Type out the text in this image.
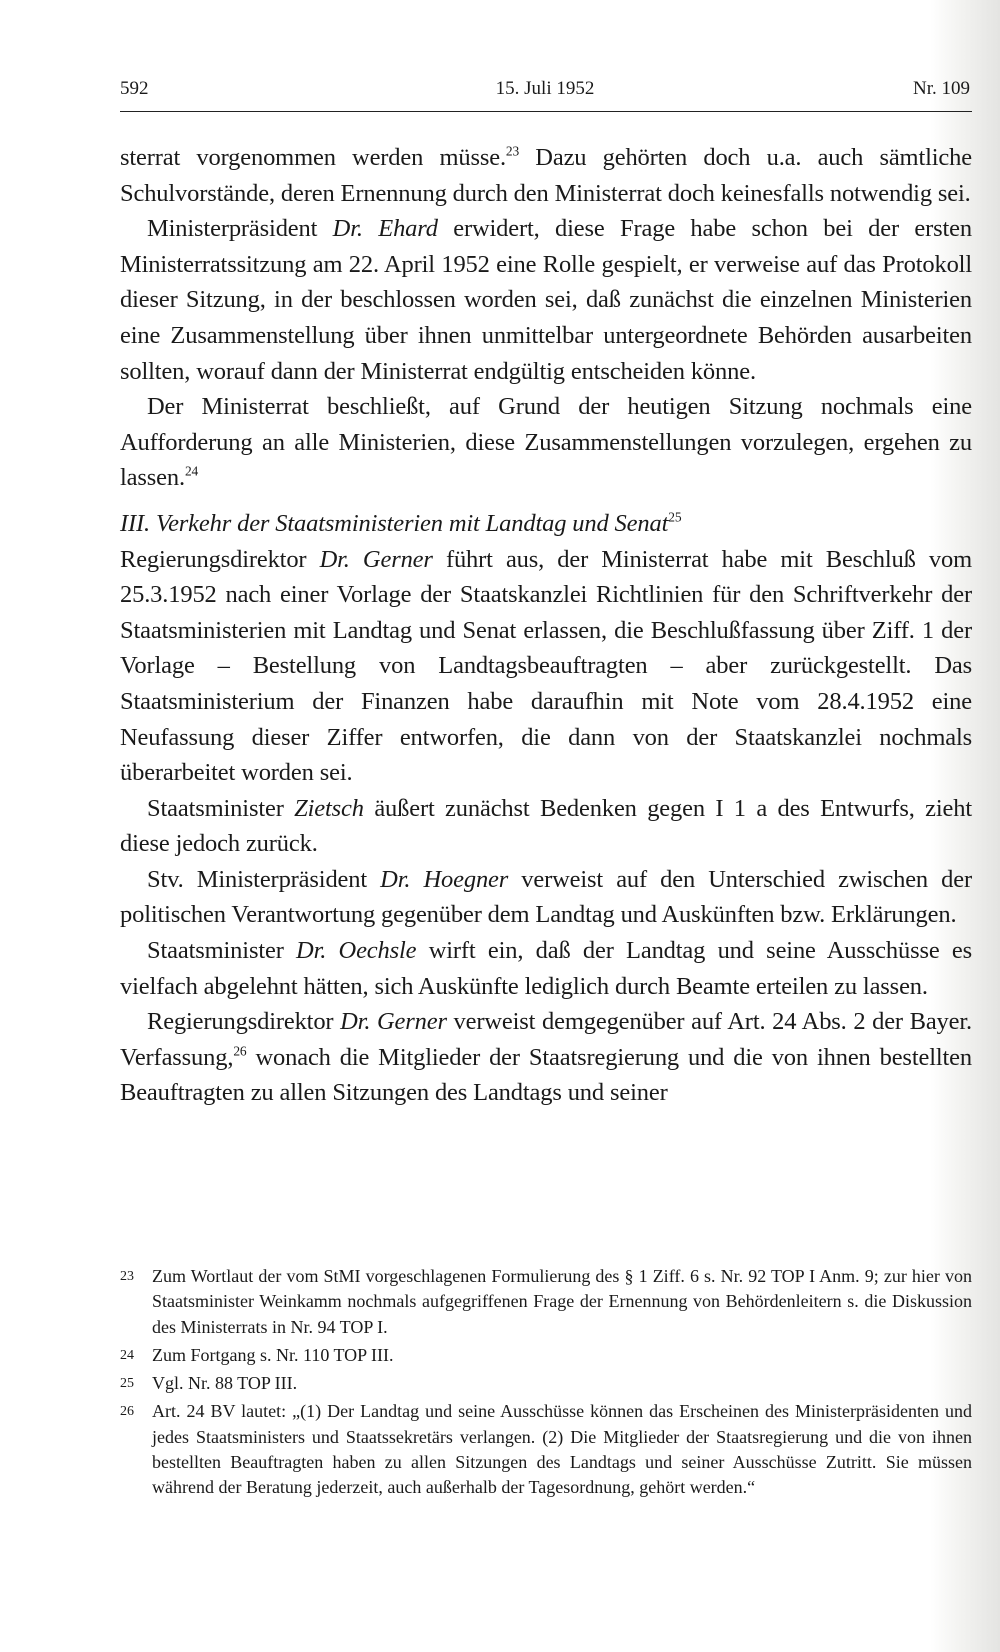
592	15. Juli 1952	Nr. 109

sterrat vorgenommen werden müsse.$^{23}$ Dazu gehörten doch u.a. auch sämtliche Schulvorstände, deren Ernennung durch den Ministerrat doch keinesfalls notwendig sei.

Ministerpräsident Dr. Ehard erwidert, diese Frage habe schon bei der ersten Ministerratssitzung am 22. April 1952 eine Rolle gespielt, er verweise auf das Protokoll dieser Sitzung, in der beschlossen worden sei, daß zunächst die einzelnen Ministerien eine Zusammenstellung über ihnen unmittelbar untergeordnete Behörden ausarbeiten sollten, worauf dann der Ministerrat endgültig entscheiden könne.

Der Ministerrat beschließt, auf Grund der heutigen Sitzung nochmals eine Aufforderung an alle Ministerien, diese Zusammenstellungen vorzulegen, ergehen zu lassen.$^{24}$

III. Verkehr der Staatsministerien mit Landtag und Senat$^{25}$

Regierungsdirektor Dr. Gerner führt aus, der Ministerrat habe mit Beschluß vom 25.3.1952 nach einer Vorlage der Staatskanzlei Richtlinien für den Schriftverkehr der Staatsministerien mit Landtag und Senat erlassen, die Beschlußfassung über Ziff. 1 der Vorlage – Bestellung von Landtagsbeauftragten – aber zurückgestellt. Das Staatsministerium der Finanzen habe daraufhin mit Note vom 28.4.1952 eine Neufassung dieser Ziffer entworfen, die dann von der Staatskanzlei nochmals überarbeitet worden sei.

Staatsminister Zietsch äußert zunächst Bedenken gegen I 1 a des Entwurfs, zieht diese jedoch zurück.

Stv. Ministerpräsident Dr. Hoegner verweist auf den Unterschied zwischen der politischen Verantwortung gegenüber dem Landtag und Auskünften bzw. Erklärungen.

Staatsminister Dr. Oechsle wirft ein, daß der Landtag und seine Ausschüsse es vielfach abgelehnt hätten, sich Auskünfte lediglich durch Beamte erteilen zu lassen.

Regierungsdirektor Dr. Gerner verweist demgegenüber auf Art. 24 Abs. 2 der Bayer. Verfassung,$^{26}$ wonach die Mitglieder der Staatsregierung und die von ihnen bestellten Beauftragten zu allen Sitzungen des Landtags und seiner

23 Zum Wortlaut der vom StMI vorgeschlagenen Formulierung des § 1 Ziff. 6 s. Nr. 92 TOP I Anm. 9; zur hier von Staatsminister Weinkamm nochmals aufgegriffenen Frage der Ernennung von Behördenleitern s. die Diskussion des Ministerrats in Nr. 94 TOP I.
24 Zum Fortgang s. Nr. 110 TOP III.
25 Vgl. Nr. 88 TOP III.
26 Art. 24 BV lautet: „(1) Der Landtag und seine Ausschüsse können das Erscheinen des Ministerpräsidenten und jedes Staatsministers und Staatssekretärs verlangen. (2) Die Mitglieder der Staatsregierung und die von ihnen bestellten Beauftragten haben zu allen Sitzungen des Landtags und seiner Ausschüsse Zutritt. Sie müssen während der Beratung jederzeit, auch außerhalb der Tagesordnung, gehört werden.“
